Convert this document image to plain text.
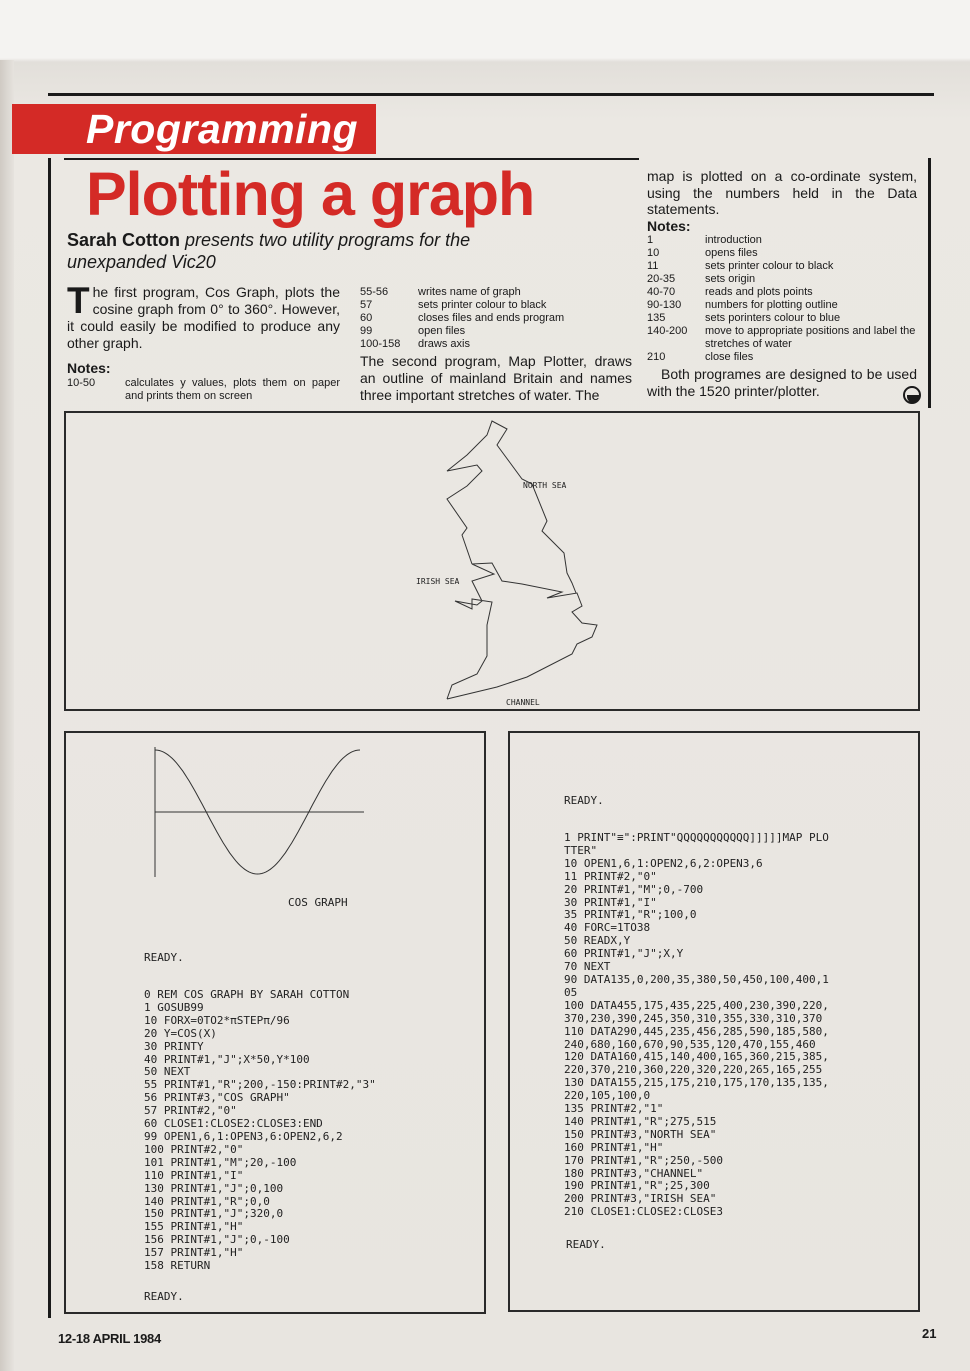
Programming
Plotting a graph
Sarah Cotton presents two utility programs for the unexpanded Vic20
The first program, Cos Graph, plots the cosine graph from 0° to 360°. However, it could easily be modified to produce any other graph.
Notes:
10-50	calculates y values, plots them on paper and prints them on screen
55-56	writes name of graph
57	sets printer colour to black
60	closes files and ends program
99	open files
100-158	draws axis
The second program, Map Plotter, draws an outline of mainland Britain and names three important stretches of water. The
map is plotted on a co-ordinate system, using the numbers held in the Data statements.
Notes:
1	introduction
10	opens files
11	sets printer colour to black
20-35	sets origin
40-70	reads and plots points
90-130	numbers for plotting outline
135	sets porinters colour to blue
140-200	move to appropriate positions and label the stretches of water
210	close files
Both programes are designed to be used with the 1520 printer/plotter.
NORTH SEA
IRISH SEA
CHANNEL
COS GRAPH
READY.
0 REM COS GRAPH BY SARAH COTTON
1 GOSUB99
10 FORX=0TO2*πSTEPπ/96
20 Y=COS(X)
30 PRINTY
40 PRINT#1,"J";X*50,Y*100
50 NEXT
55 PRINT#1,"R";200,-150:PRINT#2,"3"
56 PRINT#3,"COS GRAPH"
57 PRINT#2,"0"
60 CLOSE1:CLOSE2:CLOSE3:END
99 OPEN1,6,1:OPEN3,6:OPEN2,6,2
100 PRINT#2,"0"
101 PRINT#1,"M";20,-100
110 PRINT#1,"I"
130 PRINT#1,"J";0,100
140 PRINT#1,"R";0,0
150 PRINT#1,"J";320,0
155 PRINT#1,"H"
156 PRINT#1,"J";0,-100
157 PRINT#1,"H"
158 RETURN
READY.
READY.
1 PRINT"≡":PRINT"QQQQQQQQQQQ]]]]]MAP PLO
TTER"
10 OPEN1,6,1:OPEN2,6,2:OPEN3,6
11 PRINT#2,"0"
20 PRINT#1,"M";0,-700
30 PRINT#1,"I"
35 PRINT#1,"R";100,0
40 FORC=1TO38
50 READX,Y
60 PRINT#1,"J";X,Y
70 NEXT
90 DATA135,0,200,35,380,50,450,100,400,1
05
100 DATA455,175,435,225,400,230,390,220,
370,230,390,245,350,310,355,330,310,370
110 DATA290,445,235,456,285,590,185,580,
240,680,160,670,90,535,120,470,155,460
120 DATA160,415,140,400,165,360,215,385,
220,370,210,360,220,320,220,265,165,255
130 DATA155,215,175,210,175,170,135,135,
220,105,100,0
135 PRINT#2,"1"
140 PRINT#1,"R";275,515
150 PRINT#3,"NORTH SEA"
160 PRINT#1,"H"
170 PRINT#1,"R";250,-500
180 PRINT#3,"CHANNEL"
190 PRINT#1,"R";25,300
200 PRINT#3,"IRISH SEA"
210 CLOSE1:CLOSE2:CLOSE3
READY.
12-18 APRIL 1984	21
